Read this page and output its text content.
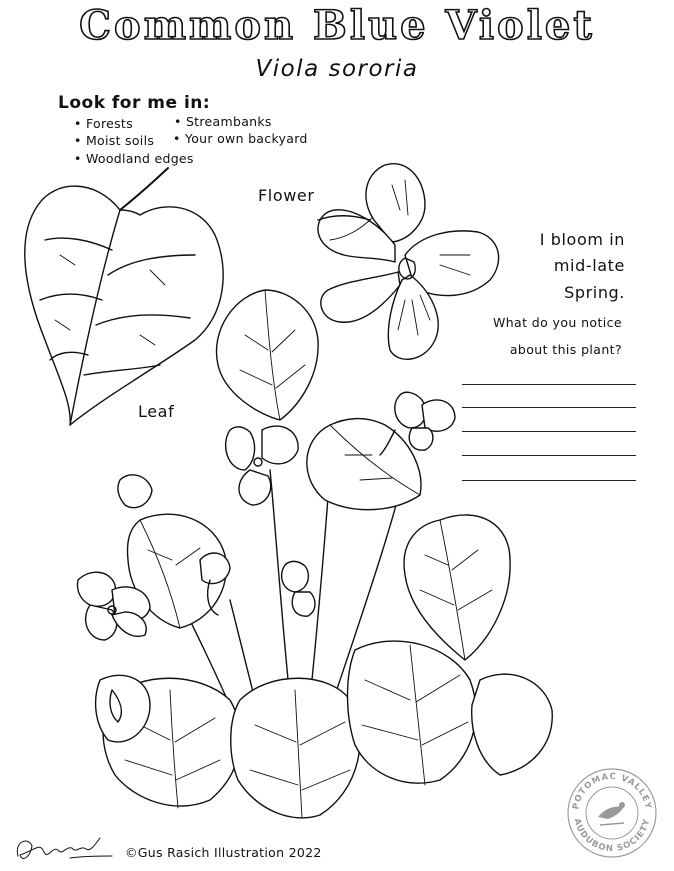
Common Blue Violet
Viola sororia
Look for me in:
• Forests	• Streambanks
• Moist soils • Your own backyard
• Woodland edges
Flower
Leaf
I bloom in
mid-late
Spring.
What do you notice
about this plant?
©Gus Rasich Illustration 2022
POTOMAC VALLEY
AUDUBON SOCIETY
